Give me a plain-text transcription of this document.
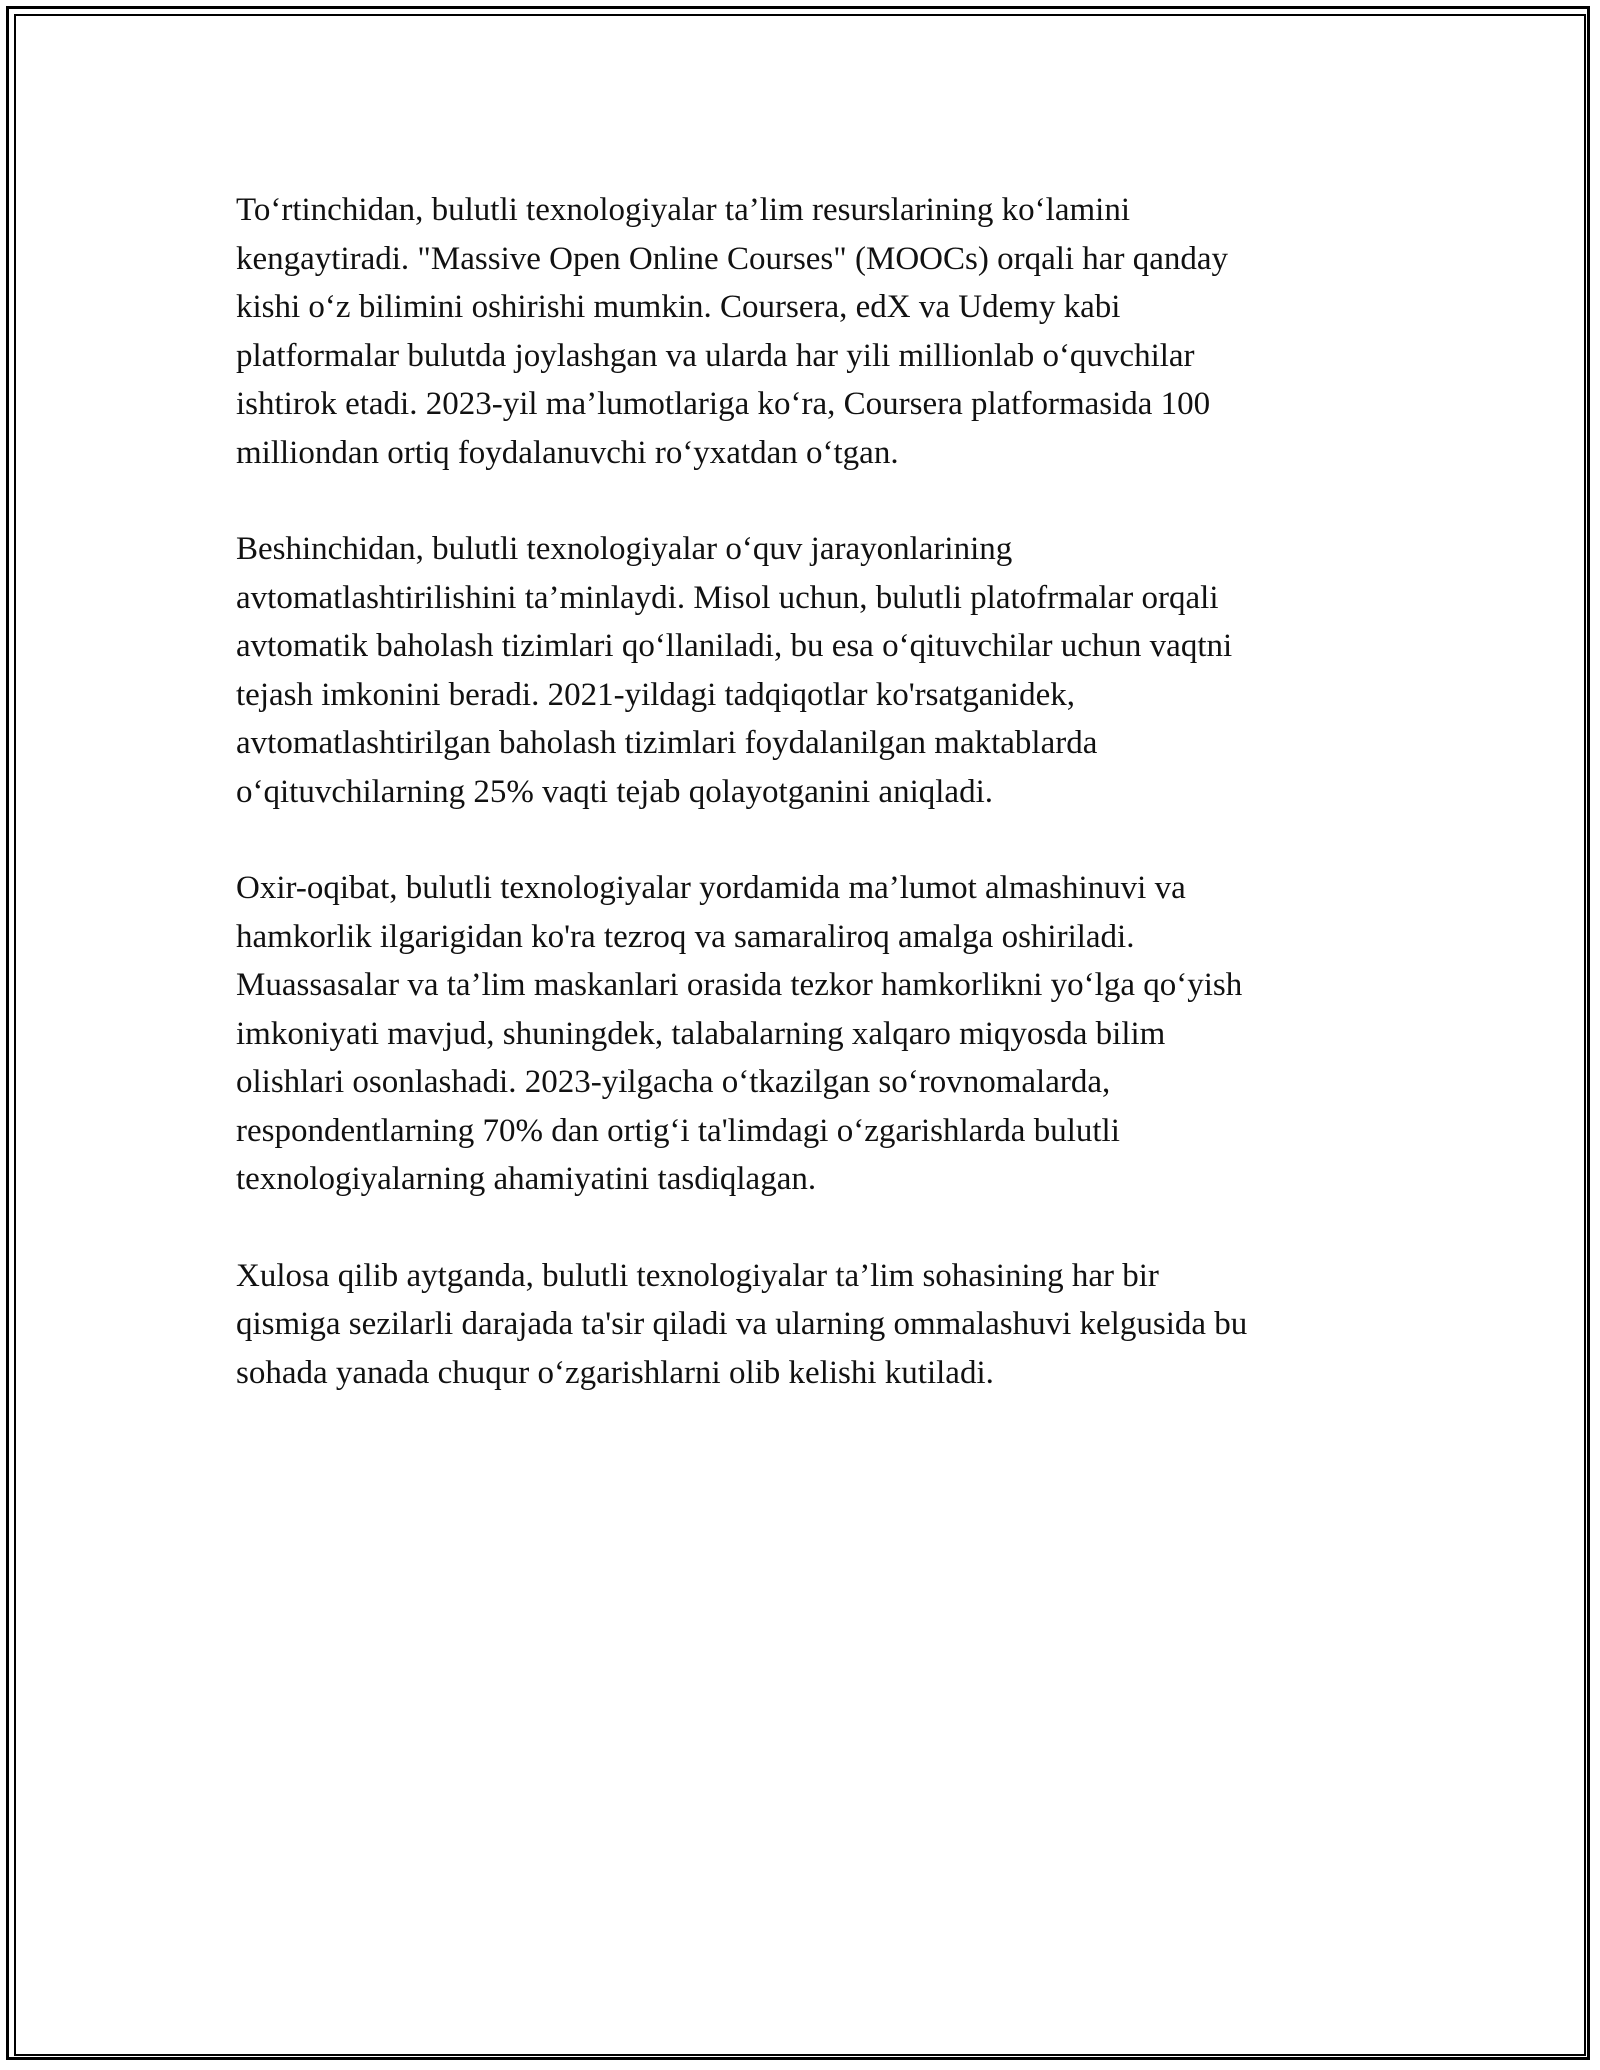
To‘rtinchidan, bulutli texnologiyalar ta’lim resurslarining ko‘lamini
kengaytiradi. "Massive Open Online Courses" (MOOCs) orqali har qanday
kishi o‘z bilimini oshirishi mumkin. Coursera, edX va Udemy kabi
platformalar bulutda joylashgan va ularda har yili millionlab o‘quvchilar
ishtirok etadi. 2023-yil ma’lumotlariga ko‘ra, Coursera platformasida 100
milliondan ortiq foydalanuvchi ro‘yxatdan o‘tgan.

Beshinchidan, bulutli texnologiyalar o‘quv jarayonlarining
avtomatlashtirilishini ta’minlaydi. Misol uchun, bulutli platofrmalar orqali
avtomatik baholash tizimlari qo‘llaniladi, bu esa o‘qituvchilar uchun vaqtni
tejash imkonini beradi. 2021-yildagi tadqiqotlar ko'rsatganidek,
avtomatlashtirilgan baholash tizimlari foydalanilgan maktablarda
o‘qituvchilarning 25% vaqti tejab qolayotganini aniqladi.

Oxir-oqibat, bulutli texnologiyalar yordamida ma’lumot almashinuvi va
hamkorlik ilgarigidan ko'ra tezroq va samaraliroq amalga oshiriladi.
Muassasalar va ta’lim maskanlari orasida tezkor hamkorlikni yo‘lga qo‘yish
imkoniyati mavjud, shuningdek, talabalarning xalqaro miqyosda bilim
olishlari osonlashadi. 2023-yilgacha o‘tkazilgan so‘rovnomalarda,
respondentlarning 70% dan ortig‘i ta'limdagi o‘zgarishlarda bulutli
texnologiyalarning ahamiyatini tasdiqlagan.

Xulosa qilib aytganda, bulutli texnologiyalar ta’lim sohasining har bir
qismiga sezilarli darajada ta'sir qiladi va ularning ommalashuvi kelgusida bu
sohada yanada chuqur o‘zgarishlarni olib kelishi kutiladi.
